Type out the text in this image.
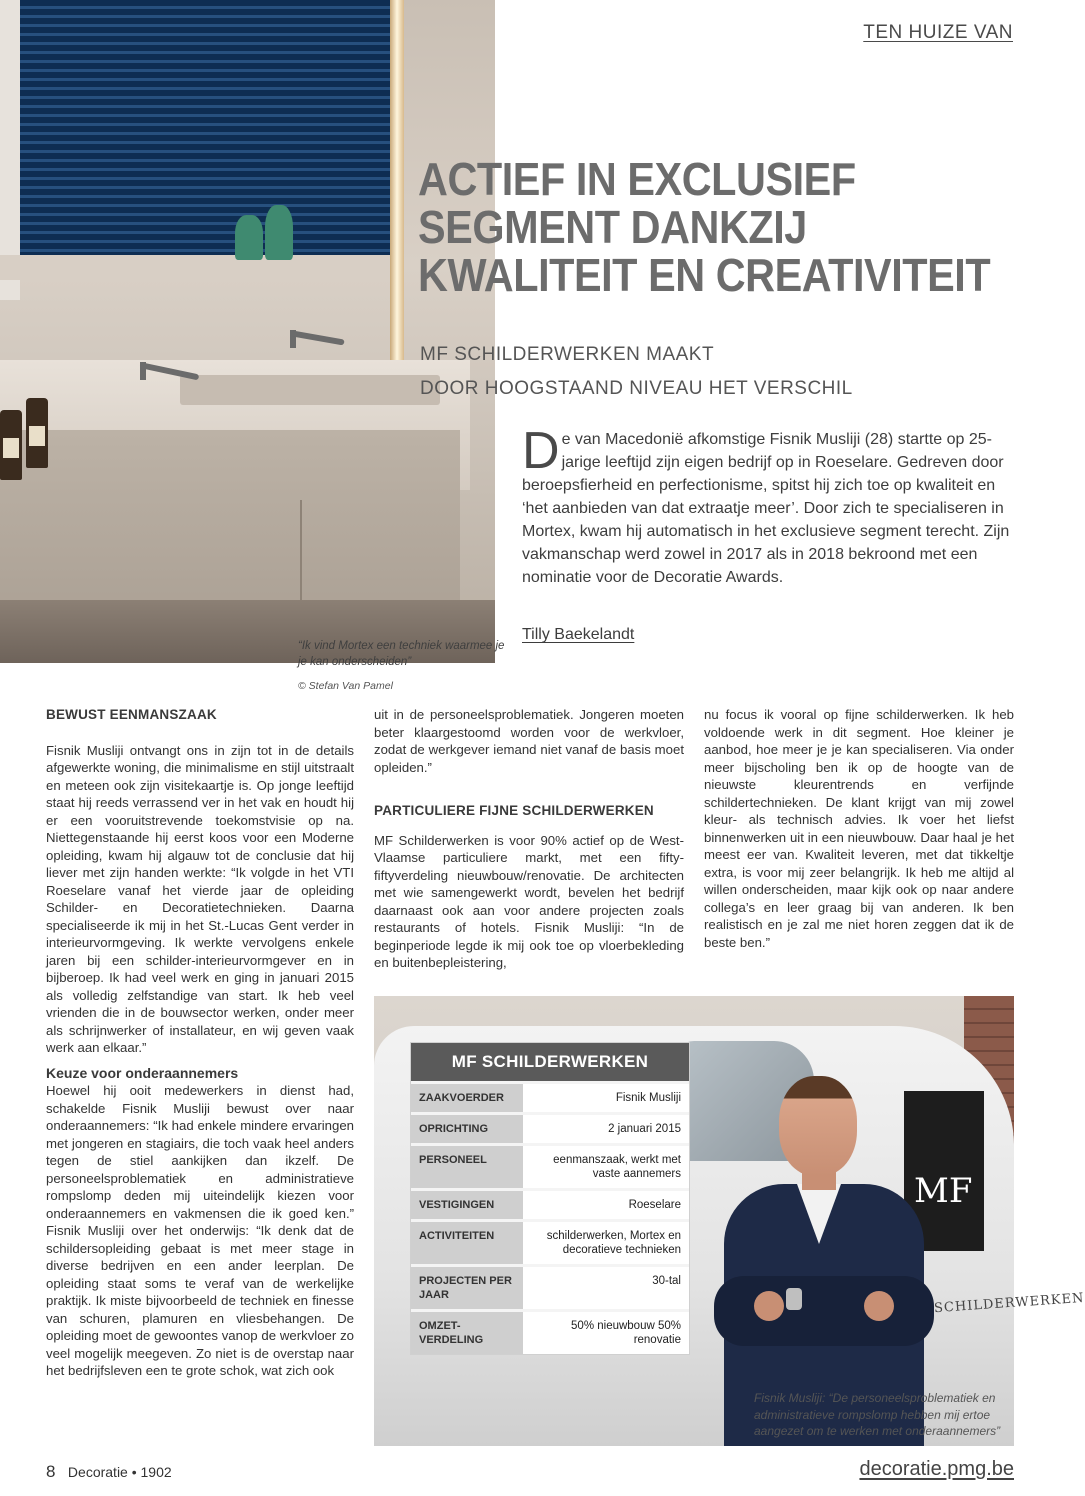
TEN HUIZE VAN
“Ik vind Mortex een techniek waarmee je je kan onderscheiden”
© Stefan Van Pamel
ACTIEF IN EXCLUSIEF
SEGMENT DANKZIJ
KWALITEIT EN CREATIVITEIT
MF SCHILDERWERKEN MAAKT
DOOR HOOGSTAAND NIVEAU HET VERSCHIL
De van Macedonië afkomstige Fisnik Musliji (28) startte op 25-jarige leeftijd zijn eigen bedrijf op in Roeselare. Gedreven door beroepsfierheid en perfectionisme, spitst hij zich toe op kwaliteit en ‘het aanbieden van dat extraatje meer’. Door zich te specialiseren in Mortex, kwam hij automatisch in het exclusieve segment terecht. Zijn vakmanschap werd zowel in 2017 als in 2018 bekroond met een nominatie voor de Decoratie Awards.
Tilly Baekelandt
BEWUST EENMANSZAAK

Fisnik Musliji ontvangt ons in zijn tot in de details afgewerkte woning, die minimalisme en stijl uitstraalt en meteen ook zijn visitekaartje is. Op jonge leeftijd staat hij reeds verrassend ver in het vak en houdt hij er een vooruitstrevende toekomstvisie op na. Niettegenstaande hij eerst koos voor een Moderne opleiding, kwam hij algauw tot de conclusie dat hij liever met zijn handen werkte: “Ik volgde in het VTI Roeselare vanaf het vierde jaar de opleiding Schilder- en Decoratietechnieken. Daarna specialiseerde ik mij in het St.-Lucas Gent verder in interieurvormgeving. Ik werkte vervolgens enkele jaren bij een schilder-interieurvormgever en in bijberoep. Ik had veel werk en ging in januari 2015 als volledig zelfstandige van start. Ik heb veel vrienden die in de bouwsector werken, onder meer als schrijnwerker of installateur, en wij geven vaak werk aan elkaar.”

Keuze voor onderaannemers

Hoewel hij ooit medewerkers in dienst had, schakelde Fisnik Musliji bewust over naar onderaannemers: “Ik had enkele mindere ervaringen met jongeren en stagiairs, die toch vaak heel anders tegen de stiel aankijken dan ikzelf. De personeelsproblematiek en administratieve rompslomp deden mij uiteindelijk kiezen voor onderaannemers en vakmensen die ik goed ken.” Fisnik Musliji over het onderwijs: “Ik denk dat de schildersopleiding gebaat is met meer stage in diverse bedrijven en een ander leerplan. De opleiding staat soms te veraf van de werkelijke praktijk. Ik miste bijvoorbeeld de techniek en finesse van schuren, plamuren en vliesbehangen. De opleiding moet de gewoontes vanop de werkvloer zo veel mogelijk meegeven. Zo niet is de overstap naar het bedrijfsleven een te grote schok, wat zich ook

uit in de personeelsproblematiek. Jongeren moeten beter klaargestoomd worden voor de werkvloer, zodat de werkgever iemand niet vanaf de basis moet opleiden.”

PARTICULIERE FIJNE SCHILDERWERKEN

MF Schilderwerken is voor 90% actief op de West-Vlaamse particuliere markt, met een fifty-fiftyverdeling nieuwbouw/renovatie. De architecten met wie samengewerkt wordt, bevelen het bedrijf daarnaast ook aan voor andere projecten zoals restaurants of hotels. Fisnik Musliji: “In de beginperiode legde ik mij ook toe op vloerbekleding en buitenbepleistering,

nu focus ik vooral op fijne schilderwerken. Ik heb voldoende werk in dit segment. Hoe kleiner je aanbod, hoe meer je je kan specialiseren. Via onder meer bijscholing ben ik op de hoogte van de nieuwste kleurentrends en verfijnde schildertechnieken. De klant krijgt van mij zowel kleur- als technisch advies. Ik voer het liefst binnenwerken uit in een nieuwbouw. Daar haal je het meest eer van. Kwaliteit leveren, met dat tikkeltje extra, is voor mij zeer belangrijk. Ik heb me altijd al willen onderscheiden, maar kijk ook op naar andere collega’s en leer graag bij van anderen. Ik ben realistisch en je zal me niet horen zeggen dat ik de beste ben.”

MF
SCHILDERWERKEN
MF SCHILDERWERKEN
ZAAKVOERDER	Fisnik Musliji
OPRICHTING	2 januari 2015
PERSONEEL	eenmanszaak, werkt met vaste aannemers
VESTIGINGEN	Roeselare
ACTIVITEITEN	schilderwerken, Mortex en decoratieve technieken
PROJECTEN PER JAAR	30-tal
OMZET-VERDELING	50% nieuwbouw 50% renovatie
Fisnik Musliji: “De personeelsproblematiek en administratieve rompslomp hebben mij ertoe aangezet om te werken met onderaannemers”
8 Decoratie • 1902	decoratie.pmg.be
